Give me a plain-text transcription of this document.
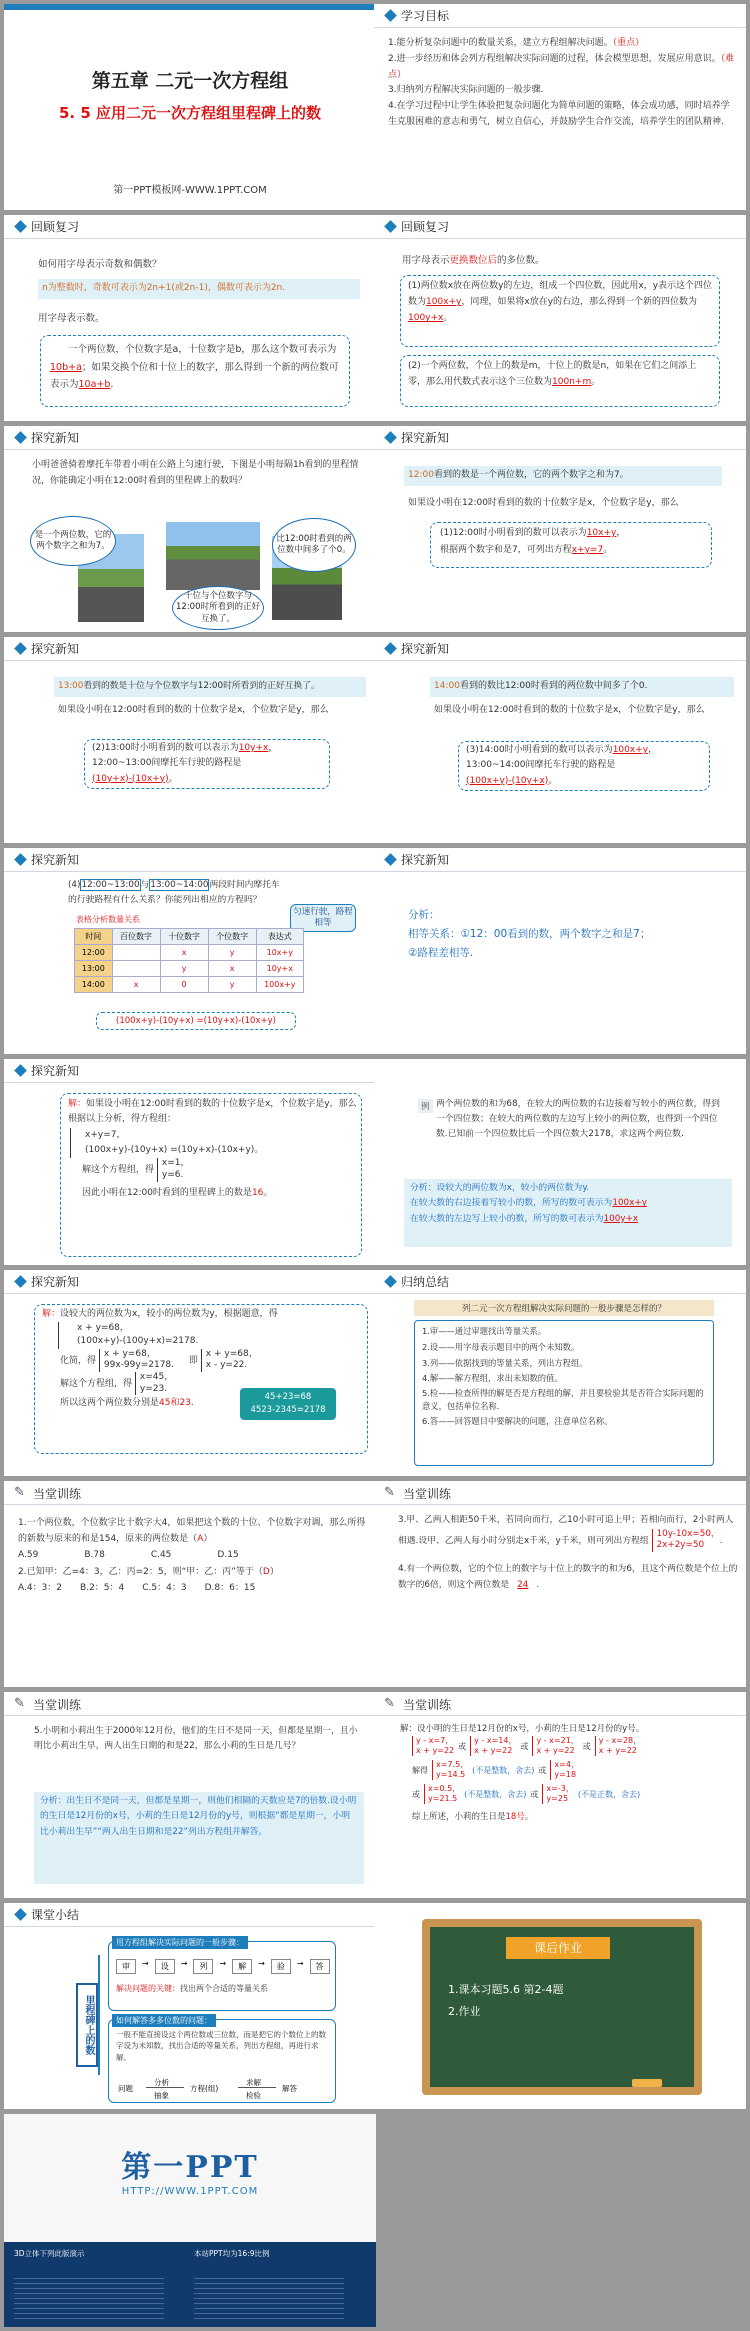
第五章 二元一次方程组
5. 5 应用二元一次方程组里程碑上的数
第一PPT模板网-WWW.1PPT.COM
学习目标
1.能分析复杂问题中的数量关系，建立方程组解决问题。（重点）
2.进一步经历和体会列方程组解决实际问题的过程，体会模型思想，发展应用意识。（难点）
3.归纳列方程解决实际问题的一般步骤.
4.在学习过程中让学生体验把复杂问题化为简单问题的策略，体会成功感，同时培养学生克服困难的意志和勇气，树立自信心，并鼓励学生合作交流，培养学生的团队精神.
回顾复习
如何用字母表示奇数和偶数？
n为整数时，奇数可表示为2n+1(或2n-1)，偶数可表示为2n.
用字母表示数。
一个两位数，个位数字是a，十位数字是b，那么这个数可表示为10b+a；如果交换个位和十位上的数字，那么得到一个新的两位数可表示为10a+b.
回顾复习
用字母表示更换数位后的多位数。
(1)两位数x放在两位数y的左边，组成一个四位数，因此用x，y表示这个四位数为100x+y，同理，如果将x放在y的右边，那么得到一个新的四位数为100y+x。
(2)一个两位数，个位上的数是m，十位上的数是n，如果在它们之间添上零，那么用代数式表示这个三位数为100n+m。
探究新知
小明爸爸骑着摩托车带着小明在公路上匀速行驶，下图是小明每隔1h看到的里程情况，你能确定小明在12:00时看到的里程碑上的数吗？
是一个两位数，它的两个数字之和为7。
比12:00时看到的两位数中间多了个0。
十位与个位数字与12:00时所看到的正好互换了。
探究新知
12:00看到的数是一个两位数，它的两个数字之和为7。
如果设小明在12:00时看到的数的十位数字是x，个位数字是y，那么
(1)12:00时小明看到的数可以表示为10x+y，
根据两个数字和是7，可列出方程x+y=7。
探究新知
13:00看到的数是十位与个位数字与12:00时所看到的正好互换了。
如果设小明在12:00时看到的数的十位数字是x，个位数字是y，那么
(2)13:00时小明看到的数可以表示为10y+x，
12:00~13:00间摩托车行驶的路程是
(10y+x)-(10x+y)。
探究新知
14:00看到的数比12:00时看到的两位数中间多了个0.
如果设小明在12:00时看到的数的十位数字是x，个位数字是y，那么
(3)14:00时小明看到的数可以表示为100x+y，
13:00~14:00间摩托车行驶的路程是
(100x+y)-(10y+x)。
探究新知
(4)12:00~13:00与13:00~14:00两段时间内摩托车的行驶路程有什么关系？你能列出相应的方程吗？
匀速行驶，路程相等
表格分析数量关系
时间	百位数字	十位数字	个位数字	表达式
12:00		x	y	10x+y
13:00		y	x	10y+x
14:00	x	0	y	100x+y
(100x+y)-(10y+x) =(10y+x)-(10x+y)
探究新知
分析：
相等关系：①12：00看到的数，两个数字之和是7；
②路程差相等.
探究新知
解：如果设小明在12:00时看到的数的十位数字是x，个位数字是y，那么根据以上分析，得方程组：
x+y=7，
(100x+y)-(10y+x) =(10y+x)-(10x+y)。
解这个方程组，得
x=1，
y=6.
因此小明在12:00时看到的里程碑上的数是16。
例 两个两位数的和为68，在较大的两位数的右边接着写较小的两位数，得到一个四位数；在较大的两位数的左边写上较小的两位数，也得到一个四位数.已知前一个四位数比后一个四位数大2178，求这两个两位数.
分析：设较大的两位数为x，较小的两位数为y.
在较大数的右边接着写较小的数，所写的数可表示为100x+y
在较大数的左边写上较小的数，所写的数可表示为100y+x
探究新知
解：设较大的两位数为x，较小的两位数为y，根据题意，得
x + y=68，
(100x+y)-(100y+x)=2178.
化简，得
x + y=68，
99x-99y=2178. 即
x + y=68，
x - y=22.
解这个方程组，得
x=45，
y=23.
所以这两个两位数分别是45和23.
45+23=68
4523-2345=2178
归纳总结
列二元一次方程组解决实际问题的一般步骤是怎样的？
1.审——通过审题找出等量关系。
2.设——用字母表示题目中的两个未知数。
3.列——依据找到的等量关系，列出方程组。
4.解——解方程组，求出未知数的值。
5.检——检查所得的解是否是方程组的解，并且要检验其是否符合实际问题的意义，包括单位名称.
6.答——回答题目中要解决的问题，注意单位名称。
✎ 当堂训练
1.一个两位数，个位数字比十数字大4，如果把这个数的十位、个位数字对调，那么所得的新数与原来的和是154，原来的两位数是（A）
A.59	B.78	C.45	D.15
2.已知甲：乙=4：3，乙：丙=2：5，则“甲：乙：丙”等于（D）
A.4：3：2 B.2：5：4 C.5：4：3 D.8：6：15
✎ 当堂训练
3.甲、乙两人相距50千米，若同向而行，乙10小时可追上甲；若相向而行，2小时两人相遇.设甲、乙两人每小时分别走x千米，y千米，则可列出方程组
10y-10x=50，
2x+2y=50	.
4.有一个两位数，它的个位上的数字与十位上的数字的和为6，且这个两位数是个位上的数字的6倍，则这个两位数是 24 .
✎ 当堂训练
5.小明和小莉出生于2000年12月份，他们的生日不是同一天，但都是星期一，且小明比小莉出生早，两人出生日期的和是22，那么小莉的生日是几号？
分析：出生日不是同一天，但都是星期一，则他们相隔的天数应是7的倍数.设小明的生日是12月份的x号，小莉的生日是12月份的y号，则根据“都是星期一，小明比小莉出生早”“两人出生日期和是22”列出方程组并解答。
✎ 当堂训练
解：设小明的生日是12月份的x号，小莉的生日是12月份的y号。
y - x=7，
x + y=22
或
y - x=14，
x + y=22
或
y - x=21，
x + y=22
或
y - x=28，
x + y=22
解得
x=7.5，
y=14.5
(不是整数，舍去) 或
x=4，
y=18
或
x=0.5，
y=21.5
(不是整数，舍去) 或
x=-3，
y=25
(不是正数，舍去)
综上所述，小莉的生日是18号。
课堂小结
里程碑上的数
用方程组解决实际问题的一般步骤：
审	→	设	→	列	→	解	→	验	→	答
解决问题的关键：找出两个合适的等量关系
如何解答多多位数的问题：
一般不能直接设这个两位数或三位数，而是把它的个数位上的数字设为未知数，找出合适的等量关系，列出方程组，再进行求解。
问题
分析
抽象
方程(组)
求解
检验
解答
课后作业
1.课本习题5.6 第2-4题
2.作业
第一PPT
HTTP://WWW.1PPT.COM
3D立体下列此版演示	本站PPT均为16:9比例
